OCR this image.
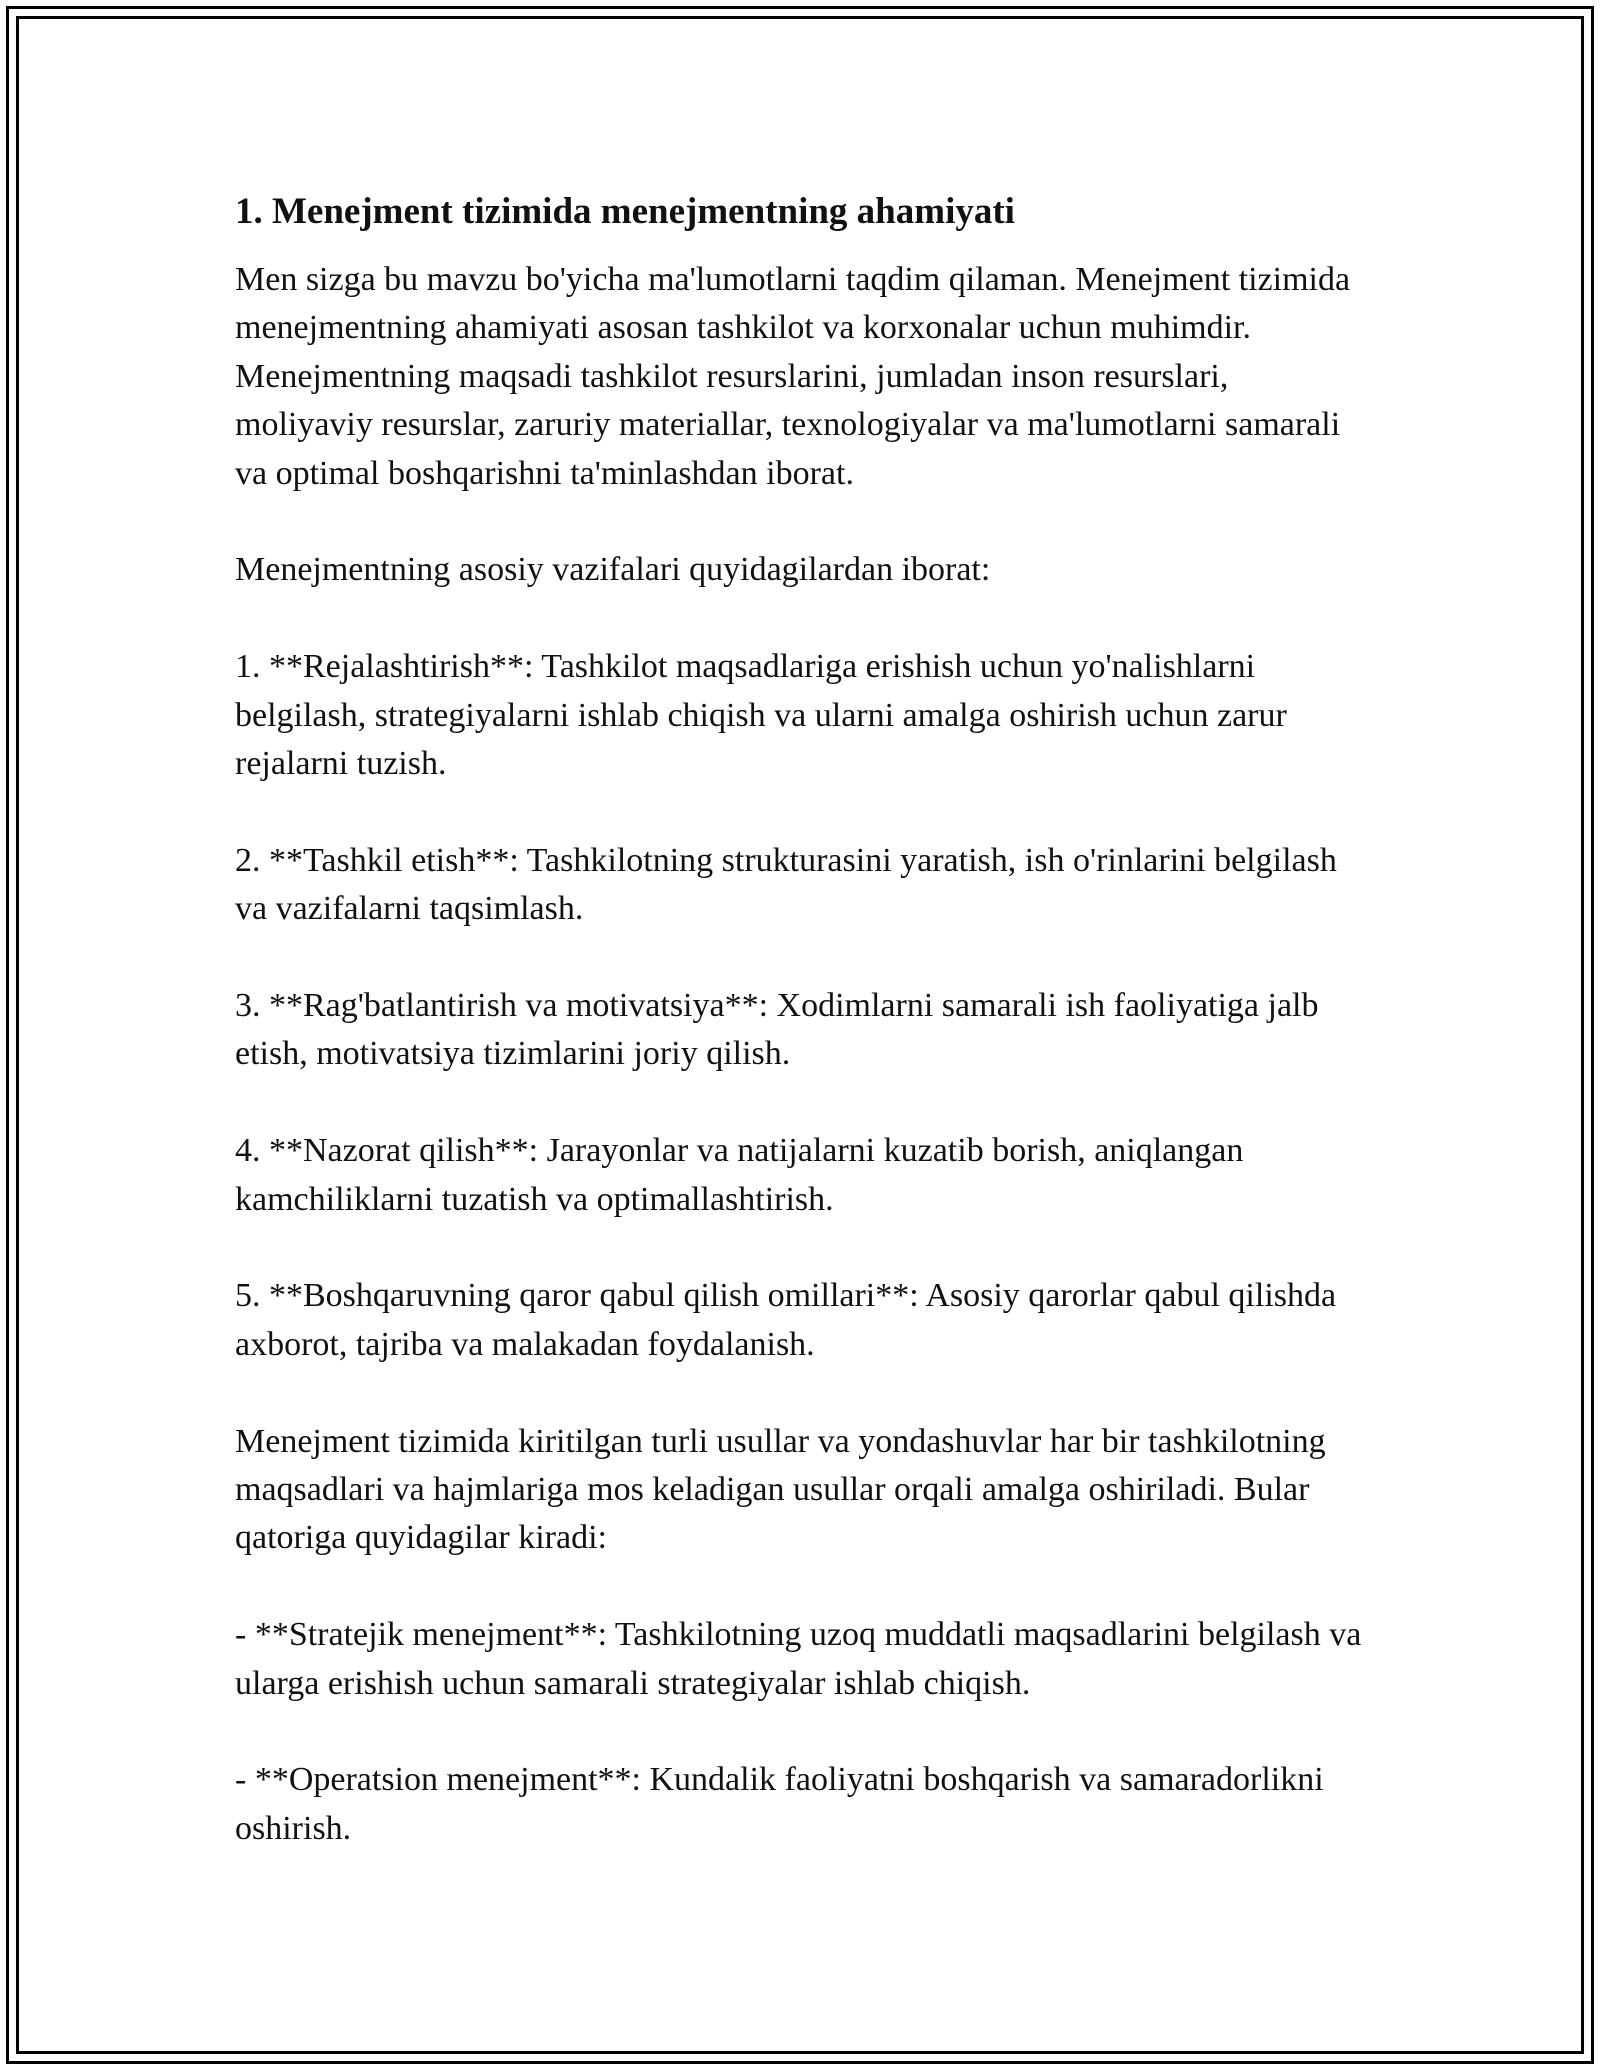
1. Menejment tizimida menejmentning ahamiyati

Men sizga bu mavzu bo'yicha ma'lumotlarni taqdim qilaman. Menejment tizimida menejmentning ahamiyati asosan tashkilot va korxonalar uchun muhimdir. Menejmentning maqsadi tashkilot resurslarini, jumladan inson resurslari, moliyaviy resurslar, zaruriy materiallar, texnologiyalar va ma'lumotlarni samarali va optimal boshqarishni ta'minlashdan iborat.

Menejmentning asosiy vazifalari quyidagilardan iborat:

1. **Rejalashtirish**: Tashkilot maqsadlariga erishish uchun yo'nalishlarni belgilash, strategiyalarni ishlab chiqish va ularni amalga oshirish uchun zarur rejalarni tuzish.

2. **Tashkil etish**: Tashkilotning strukturasini yaratish, ish o'rinlarini belgilash va vazifalarni taqsimlash.

3. **Rag'batlantirish va motivatsiya**: Xodimlarni samarali ish faoliyatiga jalb etish, motivatsiya tizimlarini joriy qilish.

4. **Nazorat qilish**: Jarayonlar va natijalarni kuzatib borish, aniqlangan kamchiliklarni tuzatish va optimallashtirish.

5. **Boshqaruvning qaror qabul qilish omillari**: Asosiy qarorlar qabul qilishda axborot, tajriba va malakadan foydalanish.

Menejment tizimida kiritilgan turli usullar va yondashuvlar har bir tashkilotning maqsadlari va hajmlariga mos keladigan usullar orqali amalga oshiriladi. Bular qatoriga quyidagilar kiradi:

- **Stratejik menejment**: Tashkilotning uzoq muddatli maqsadlarini belgilash va ularga erishish uchun samarali strategiyalar ishlab chiqish.

- **Operatsion menejment**: Kundalik faoliyatni boshqarish va samaradorlikni oshirish.
